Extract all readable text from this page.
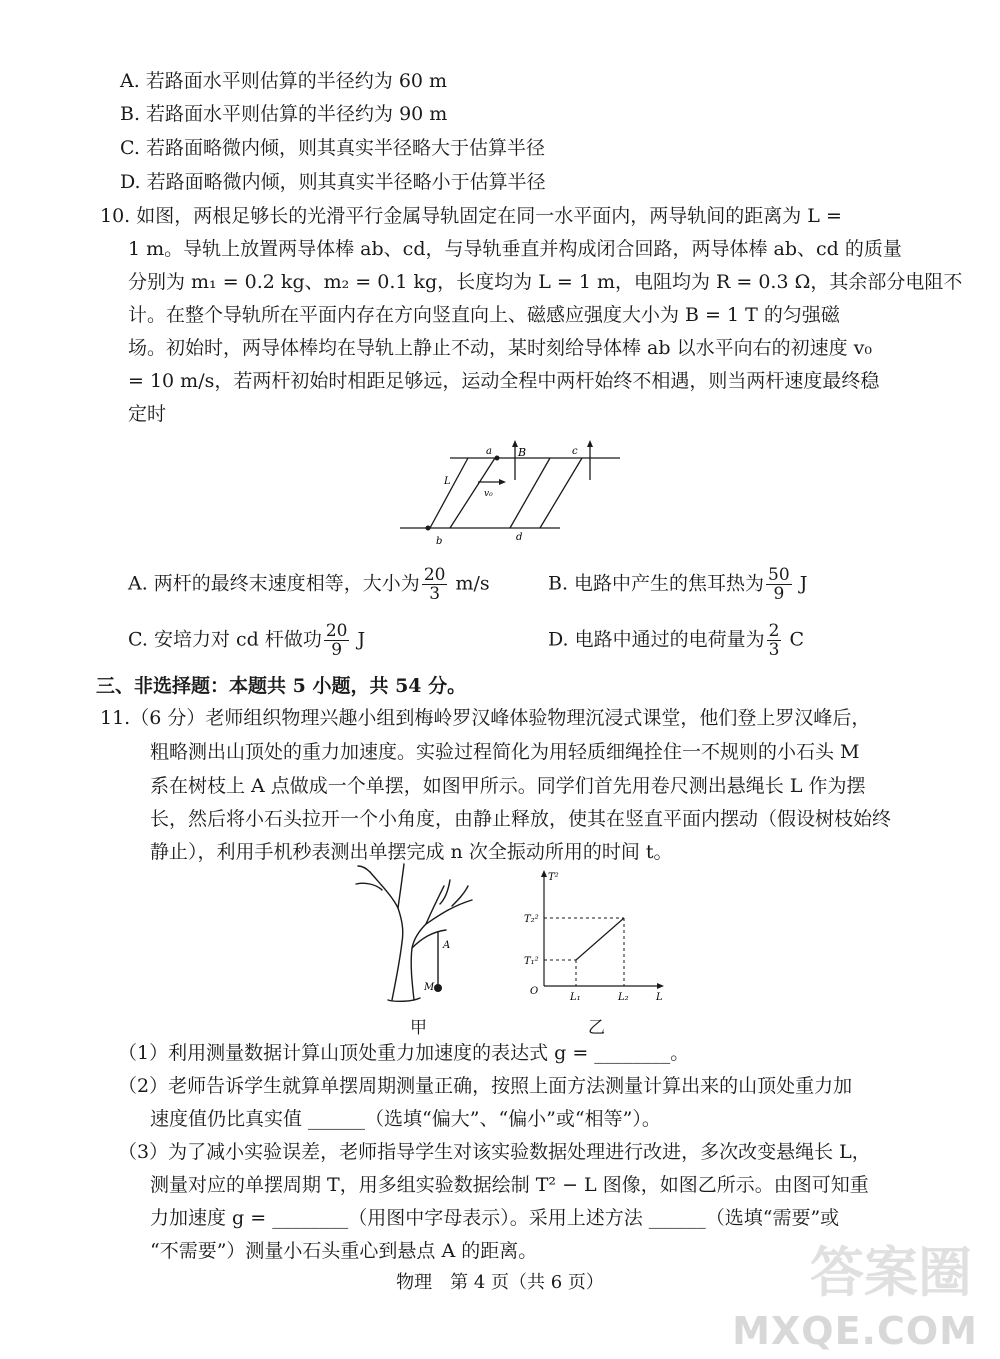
A. 若路面水平则估算的半径约为 60 m
B. 若路面水平则估算的半径约为 90 m
C. 若路面略微内倾，则其真实半径略大于估算半径
D. 若路面略微内倾，则其真实半径略小于估算半径
10. 如图，两根足够长的光滑平行金属导轨固定在同一水平面内，两导轨间的距离为 L =
1 m。导轨上放置两导体棒 ab、cd，与导轨垂直并构成闭合回路，两导体棒 ab、cd 的质量
分别为 m₁ = 0.2 kg、m₂ = 0.1 kg，长度均为 L = 1 m，电阻均为 R = 0.3 Ω，其余部分电阻不
计。在整个导轨所在平面内存在方向竖直向上、磁感应强度大小为 B = 1 T 的匀强磁
场。初始时，两导体棒均在导轨上静止不动，某时刻给导体棒 ab 以水平向右的初速度 v₀
= 10 m/s，若两杆初始时相距足够远，运动全程中两杆始终不相遇，则当两杆速度最终稳
定时
B
a	c
L
v₀
b	d
A. 两杆的最终末速度相等，大小为 $\frac{20}{3} m/s$	B. 电路中产生的焦耳热为 $\frac{50}{9}$ J
C. 安培力对 cd 杆做功 $\frac{20}{9}$ J	D. 电路中通过的电荷量为 $\frac{2}{3}$ C
三、非选择题：本题共 5 小题，共 54 分。
11.（6 分）老师组织物理兴趣小组到梅岭罗汉峰体验物理沉浸式课堂，他们登上罗汉峰后，
粗略测出山顶处的重力加速度。实验过程简化为用轻质细绳拴住一不规则的小石头 M
系在树枝上 A 点做成一个单摆，如图甲所示。同学们首先用卷尺测出悬绳长 L 作为摆
长，然后将小石头拉开一个小角度，由静止释放，使其在竖直平面内摆动（假设树枝始终
静止），利用手机秒表测出单摆完成 n 次全振动所用的时间 t。
A
M
甲
T²
T₂²
T₁²
O
L₁	L₂	L
乙
（1）利用测量数据计算山顶处重力加速度的表达式 g = ________。
（2）老师告诉学生就算单摆周期测量正确，按照上面方法测量计算出来的山顶处重力加
速度值仍比真实值 ______（选填“偏大”、“偏小”或“相等”）。
（3）为了减小实验误差，老师指导学生对该实验数据处理进行改进，多次改变悬绳长 L，
测量对应的单摆周期 T，用多组实验数据绘制 T² − L 图像，如图乙所示。由图可知重
力加速度 g = ________（用图中字母表示）。采用上述方法 ______（选填“需要”或
“不需要”）测量小石头重心到悬点 A 的距离。
物理　第 4 页（共 6 页）	答案圈
MXQE.COM
